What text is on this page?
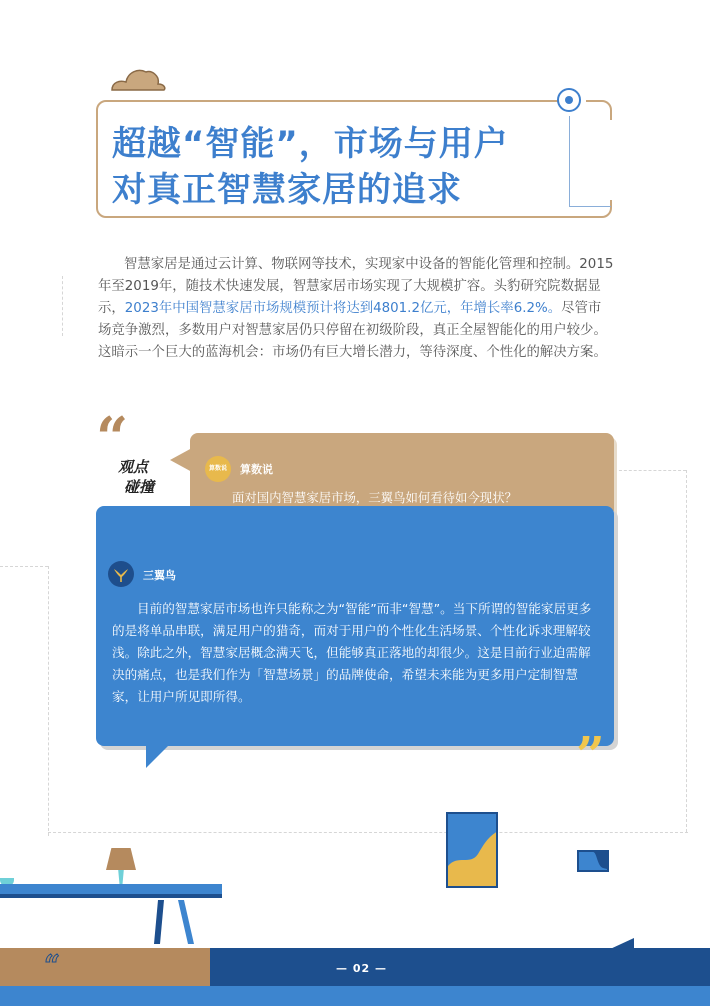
超越“智能”，市场与用户
对真正智慧家居的追求

智慧家居是通过云计算、物联网等技术，实现家中设备的智能化管理和控制。2015年至2019年，随技术快速发展，智慧家居市场实现了大规模扩容。头豹研究院数据显示，2023年中国智慧家居市场规模预计将达到4801.2亿元，年增长率6.2%。尽管市场竞争激烈，多数用户对智慧家居仍只停留在初级阶段，真正全屋智能化的用户较少。这暗示一个巨大的蓝海机会：市场仍有巨大增长潜力，等待深度、个性化的解决方案。

“
观点
碰撞
算数说	算数说
面对国内智慧家居市场，三翼鸟如何看待如今现状？
三翼鸟

目前的智慧家居市场也许只能称之为“智能”而非“智慧”。当下所谓的智能家居更多的是将单品串联，满足用户的猎奇，而对于用户的个性化生活场景、个性化诉求理解较浅。除此之外，智慧家居概念满天飞，但能够真正落地的却很少。这是目前行业迫需解决的痛点，也是我们作为「智慧场景」的品牌使命，希望未来能为更多用户定制智慧家，让用户所见即所得。

”
“	— 02 —
